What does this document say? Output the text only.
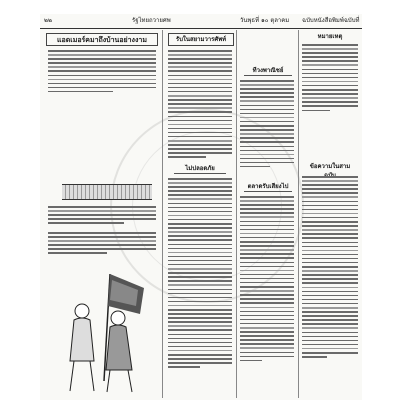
๒๒	รัฐไทยถวายศพ	วันพุธที่ ๑๐ ตุลาคม ฉบับหนังสือพิมพ์ฉบับที่
แอดเมอร์คมาถึงบ้านอย่างงาม	รับในสยามวารศัพท์
ไม่ปลอดภัย
ทีวงพาณิชย์
ตลาดรับเสียงไป
หมายเหตุ
ข้อความในสาม
